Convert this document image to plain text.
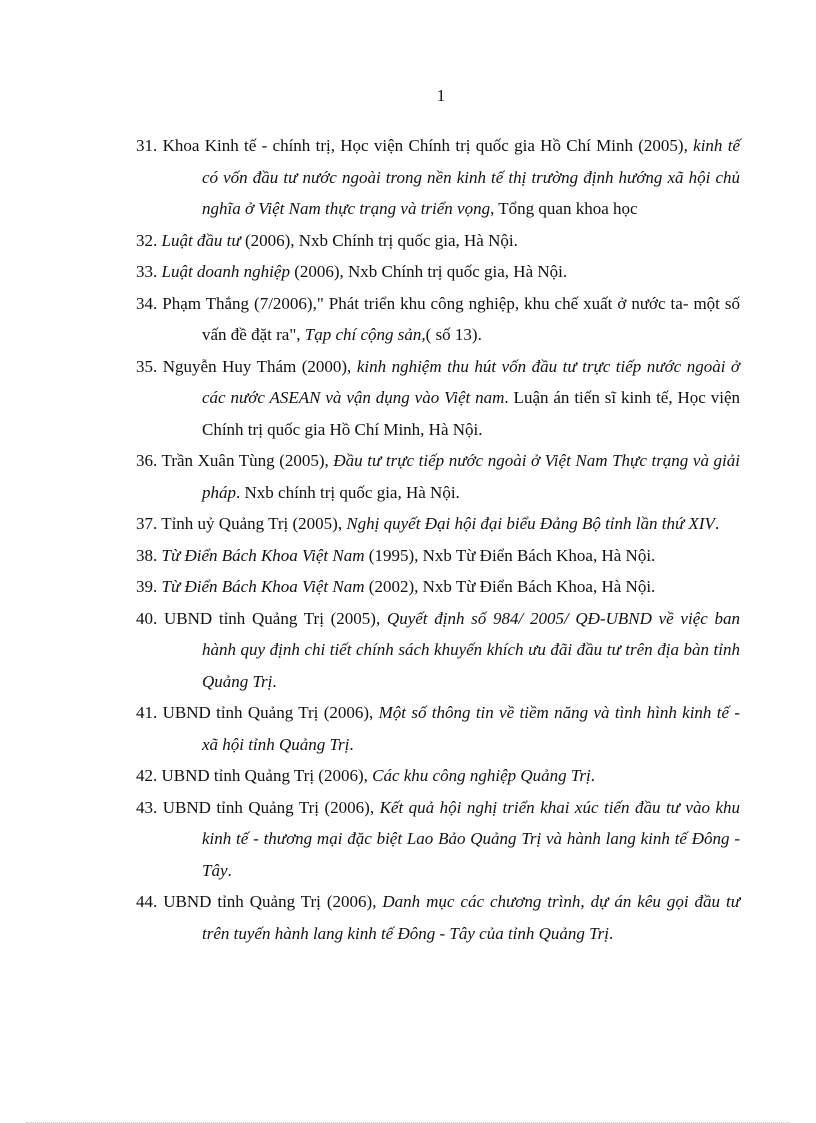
1
31. Khoa Kinh tế - chính trị, Học viện Chính trị quốc gia Hồ Chí Minh (2005), kinh tế có vốn đầu tư nước ngoài trong nền kinh tế thị trường định hướng xã hội chủ nghĩa ở Việt Nam thực trạng và triển vọng, Tổng quan khoa học
32. Luật đầu tư (2006), Nxb Chính trị quốc gia, Hà Nội.
33. Luật doanh nghiệp (2006), Nxb Chính trị quốc gia, Hà Nội.
34. Phạm Thắng (7/2006)," Phát triển khu công nghiệp, khu chế xuất ở nước ta- một số vấn đề đặt ra", Tạp chí cộng sản,( số 13).
35. Nguyễn Huy Thám (2000), kinh nghiệm thu hút vốn đầu tư trực tiếp nước ngoài ở các nước ASEAN và vận dụng vào Việt nam. Luận án tiến sĩ kinh tế, Học viện Chính trị quốc gia Hồ Chí Minh, Hà Nội.
36. Trần Xuân Tùng (2005), Đầu tư trực tiếp nước ngoài ở Việt Nam Thực trạng và giải pháp. Nxb chính trị quốc gia, Hà Nội.
37. Tỉnh uỷ Quảng Trị (2005), Nghị quyết Đại hội đại biểu Đảng Bộ tỉnh lần thứ XIV.
38. Từ Điển Bách Khoa Việt Nam (1995), Nxb Từ Điển Bách Khoa, Hà Nội.
39. Từ Điển Bách Khoa Việt Nam (2002), Nxb Từ Điển Bách Khoa, Hà Nội.
40. UBND tỉnh Quảng Trị (2005), Quyết định số 984/ 2005/ QĐ-UBND về việc ban hành quy định chi tiết chính sách khuyến khích ưu đãi đầu tư trên địa bàn tỉnh Quảng Trị.
41. UBND tỉnh Quảng Trị (2006), Một số thông tin về tiềm năng và tình hình kinh tế - xã hội tỉnh Quảng Trị.
42. UBND tỉnh Quảng Trị (2006), Các khu công nghiệp Quảng Trị.
43. UBND tỉnh Quảng Trị (2006), Kết quả hội nghị triển khai xúc tiến đầu tư vào khu kinh tế - thương mại đặc biệt Lao Bảo Quảng Trị và hành lang kinh tế Đông - Tây.
44. UBND tỉnh Quảng Trị (2006), Danh mục các chương trình, dự án kêu gọi đầu tư trên tuyến hành lang kinh tế Đông - Tây của tỉnh Quảng Trị.
